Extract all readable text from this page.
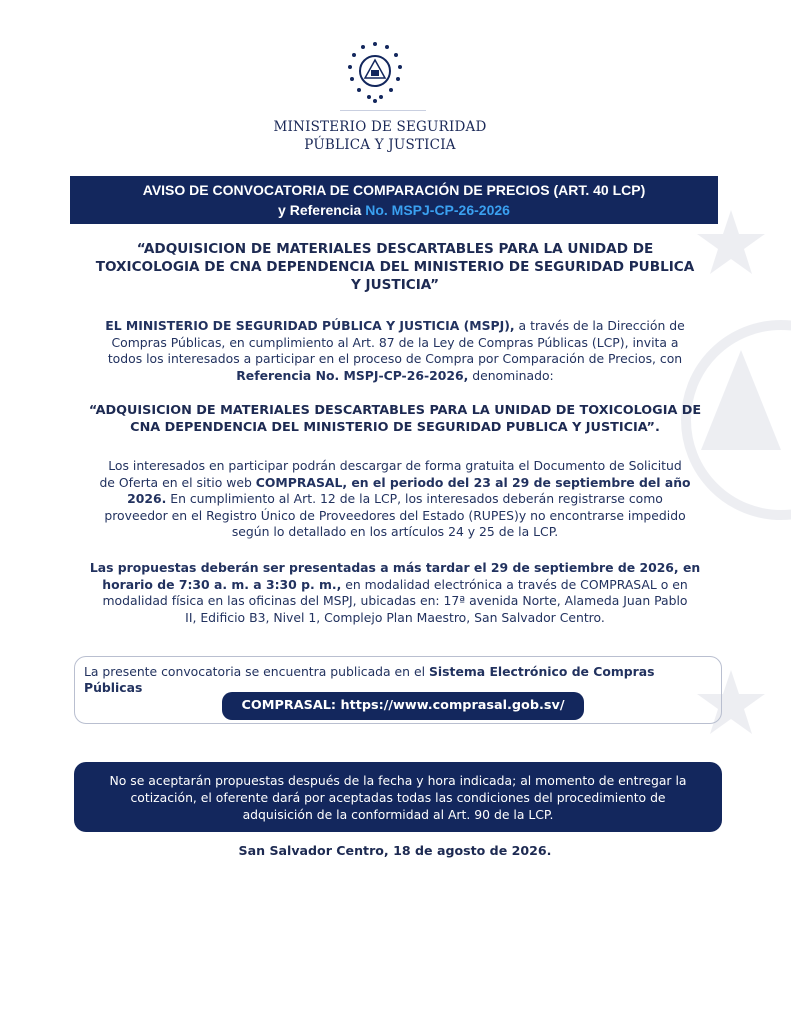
MINISTERIO DE SEGURIDAD
PÚBLICA Y JUSTICIA
AVISO DE CONVOCATORIA DE COMPARACIÓN DE PRECIOS (ART. 40 LCP)
y Referencia No. MSPJ-CP-26-2026
“ADQUISICION DE MATERIALES DESCARTABLES PARA LA UNIDAD DE
TOXICOLOGIA DE CNA DEPENDENCIA DEL MINISTERIO DE SEGURIDAD PUBLICA
Y JUSTICIA”
EL MINISTERIO DE SEGURIDAD PÚBLICA Y JUSTICIA (MSPJ), a través de la Dirección de
Compras Públicas, en cumplimiento al Art. 87 de la Ley de Compras Públicas (LCP), invita a
todos los interesados a participar en el proceso de Compra por Comparación de Precios, con
Referencia No. MSPJ-CP-26-2026, denominado:
“ADQUISICION DE MATERIALES DESCARTABLES PARA LA UNIDAD DE TOXICOLOGIA DE
CNA DEPENDENCIA DEL MINISTERIO DE SEGURIDAD PUBLICA Y JUSTICIA”.
Los interesados en participar podrán descargar de forma gratuita el Documento de Solicitud
de Oferta en el sitio web COMPRASAL, en el periodo del 23 al 29 de septiembre del año
2026. En cumplimiento al Art. 12 de la LCP, los interesados deberán registrarse como
proveedor en el Registro Único de Proveedores del Estado (RUPES)y no encontrarse impedido
según lo detallado en los artículos 24 y 25 de la LCP.
Las propuestas deberán ser presentadas a más tardar el 29 de septiembre de 2026, en
horario de 7:30 a. m. a 3:30 p. m., en modalidad electrónica a través de COMPRASAL o en
modalidad física en las oficinas del MSPJ, ubicadas en: 17ª avenida Norte, Alameda Juan Pablo
II, Edificio B3, Nivel 1, Complejo Plan Maestro, San Salvador Centro.
La presente convocatoria se encuentra publicada en el Sistema Electrónico de Compras Públicas
COMPRASAL: https://www.comprasal.gob.sv/
No se aceptarán propuestas después de la fecha y hora indicada; al momento de entregar la
cotización, el oferente dará por aceptadas todas las condiciones del procedimiento de
adquisición de la conformidad al Art. 90 de la LCP.
San Salvador Centro, 18 de agosto de 2026.
